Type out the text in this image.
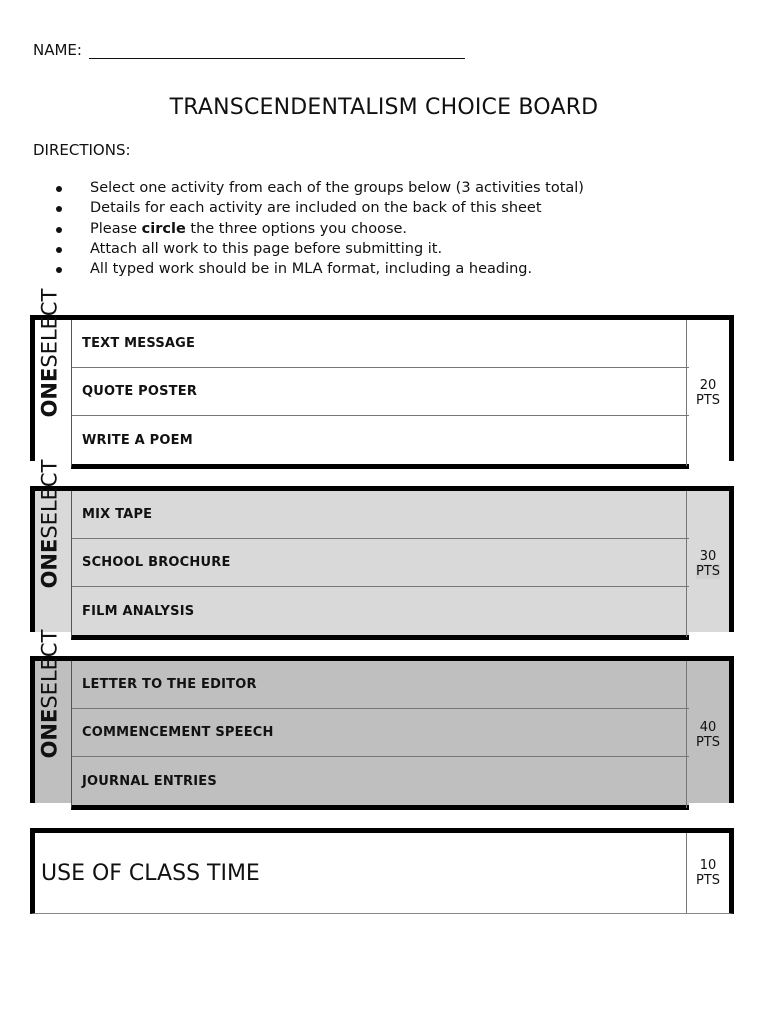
NAME:
TRANSCENDENTALISM CHOICE BOARD
DIRECTIONS:
Select one activity from each of the groups below (3 activities total)
Details for each activity are included on the back of this sheet
Please circle the three options you choose.
Attach all work to this page before submitting it.
All typed work should be in MLA format, including a heading.
ONESELECT	TEXT MESSAGE
QUOTE POSTER
WRITE A POEM
20
PTS
ONESELECT	MIX TAPE
SCHOOL BROCHURE
FILM ANALYSIS
30
PTS
ONESELECT	LETTER TO THE EDITOR
COMMENCEMENT SPEECH
JOURNAL ENTRIES
40
PTS
USE OF CLASS TIME	10
PTS
